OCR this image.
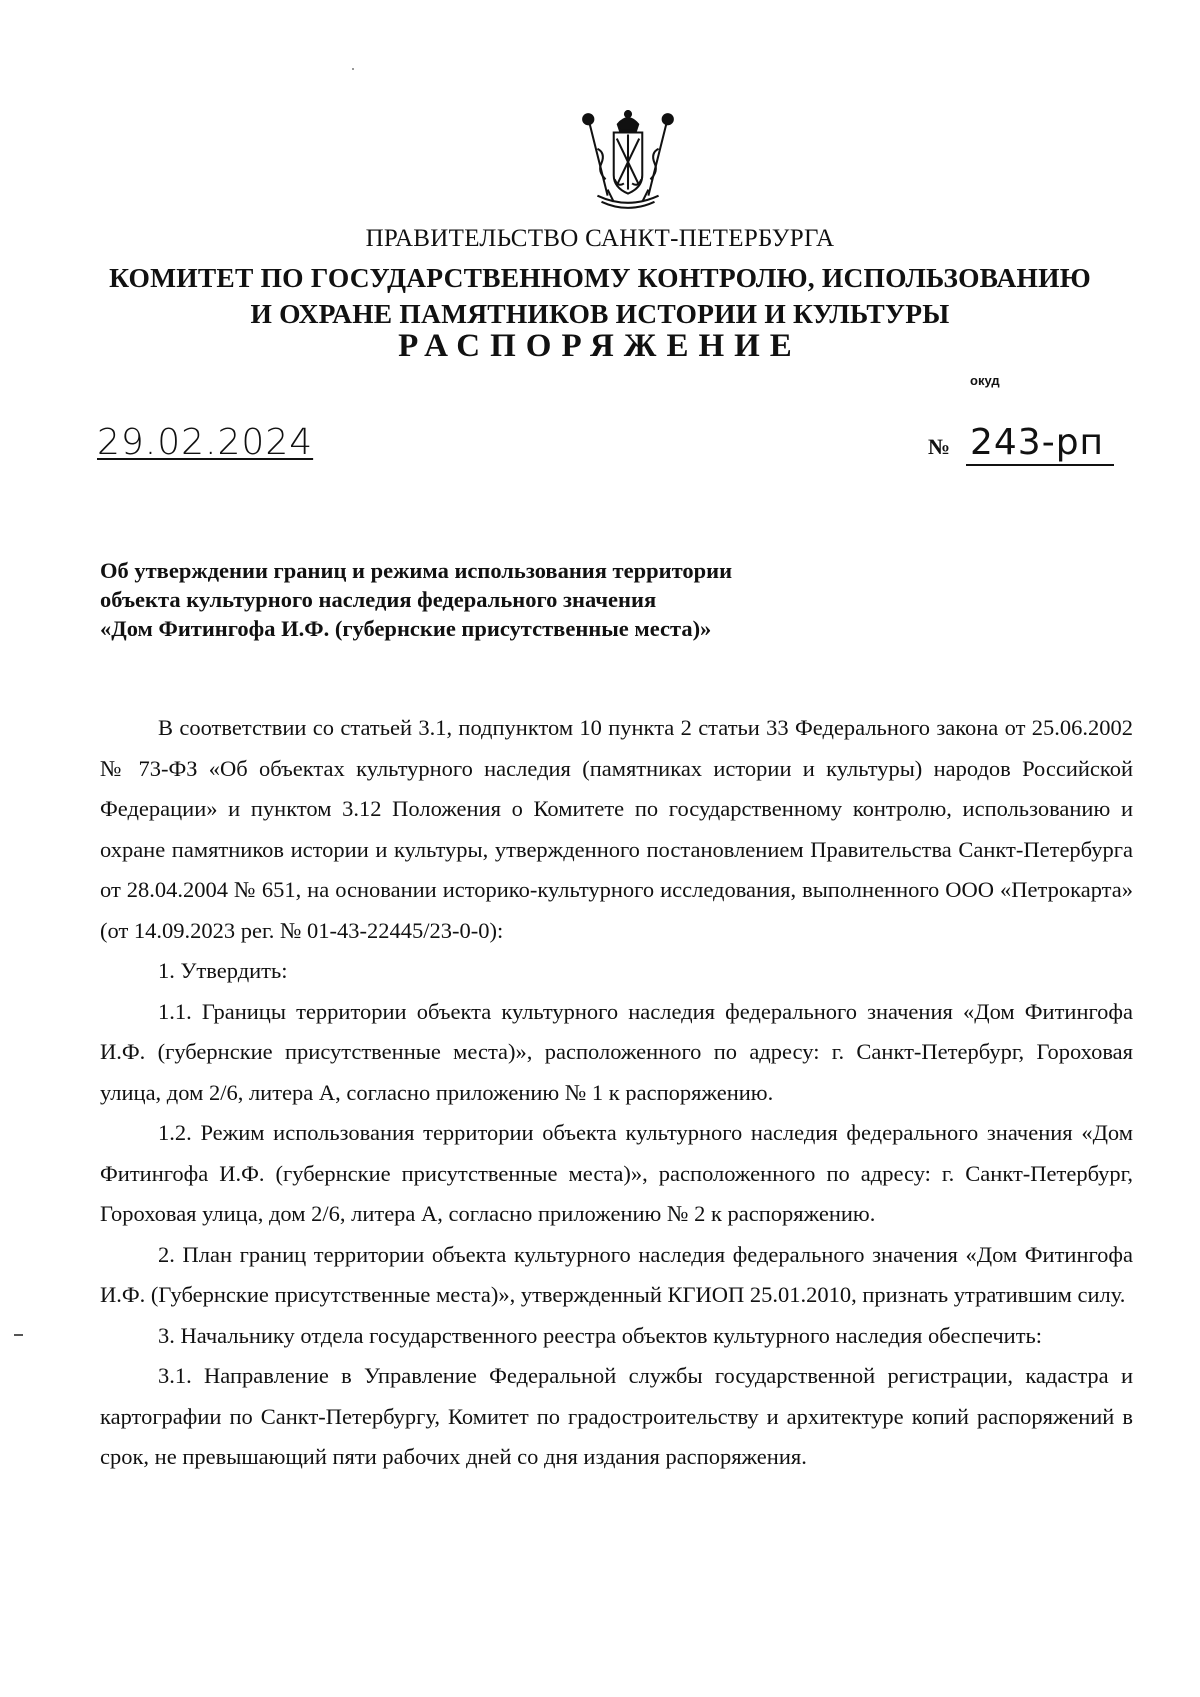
ПРАВИТЕЛЬСТВО САНКТ-ПЕТЕРБУРГА
КОМИТЕТ ПО ГОСУДАРСТВЕННОМУ КОНТРОЛЮ, ИСПОЛЬЗОВАНИЮ
И ОХРАНЕ ПАМЯТНИКОВ ИСТОРИИ И КУЛЬТУРЫ
РАСПОРЯЖЕНИЕ
окуд
29.02.2024	№ 243-рп
Об утверждении границ и режима использования территории
объекта культурного наследия федерального значения
«Дом Фитингофа И.Ф. (губернские присутственные места)»

В соответствии со статьей 3.1, подпунктом 10 пункта 2 статьи 33 Федерального закона от 25.06.2002 № 73-ФЗ «Об объектах культурного наследия (памятниках истории и культуры) народов Российской Федерации» и пунктом 3.12 Положения о Комитете по государственному контролю, использованию и охране памятников истории и культуры, утвержденного постановлением Правительства Санкт-Петербурга от 28.04.2004 № 651, на основании историко-культурного исследования, выполненного ООО «Петрокарта» (от 14.09.2023 рег. № 01-43-22445/23-0-0):

1. Утвердить:

1.1. Границы территории объекта культурного наследия федерального значения «Дом Фитингофа И.Ф. (губернские присутственные места)», расположенного по адресу: г. Санкт-Петербург, Гороховая улица, дом 2/6, литера А, согласно приложению № 1 к распоряжению.

1.2. Режим использования территории объекта культурного наследия федерального значения «Дом Фитингофа И.Ф. (губернские присутственные места)», расположенного по адресу: г. Санкт-Петербург, Гороховая улица, дом 2/6, литера А, согласно приложению № 2 к распоряжению.

2. План границ территории объекта культурного наследия федерального значения «Дом Фитингофа И.Ф. (Губернские присутственные места)», утвержденный КГИОП 25.01.2010, признать утратившим силу.

3. Начальнику отдела государственного реестра объектов культурного наследия обеспечить:

3.1. Направление в Управление Федеральной службы государственной регистрации, кадастра и картографии по Санкт-Петербургу, Комитет по градостроительству и архитектуре копий распоряжений в срок, не превышающий пяти рабочих дней со дня издания распоряжения.
